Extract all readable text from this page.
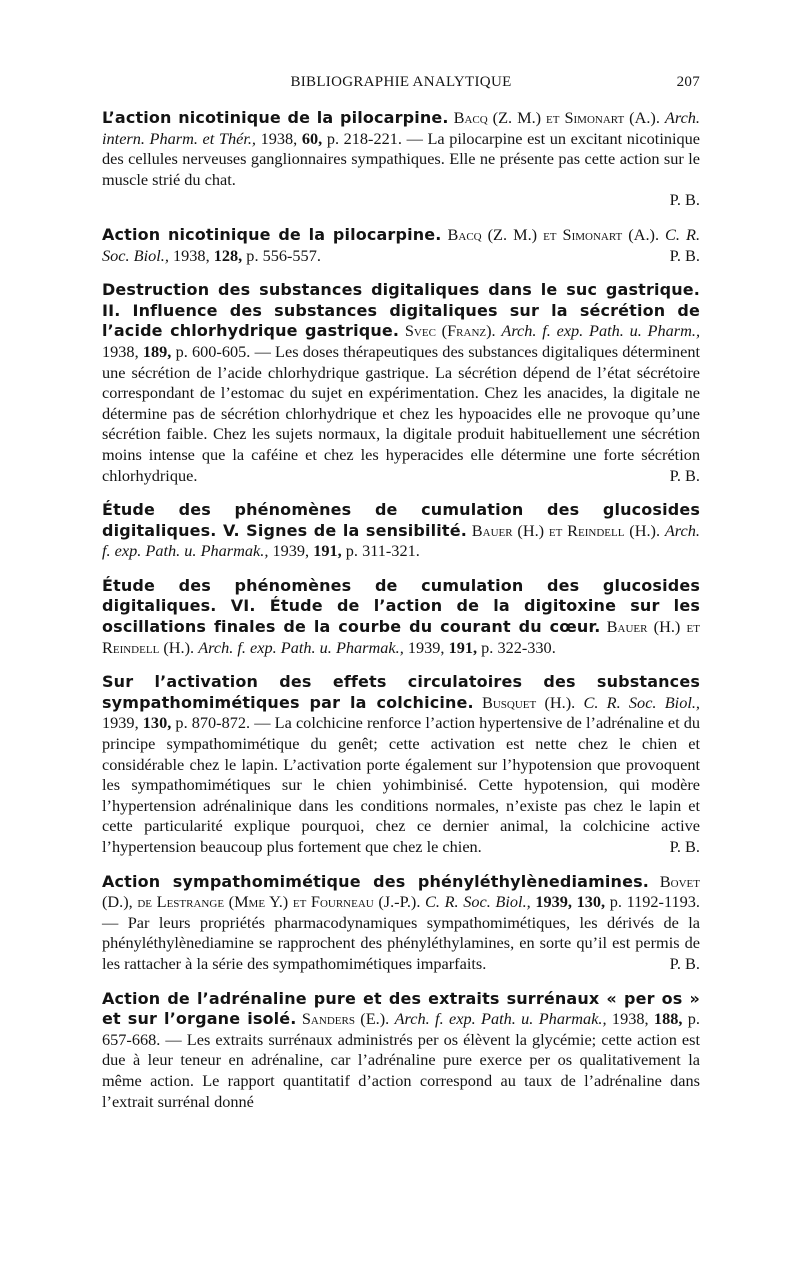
BIBLIOGRAPHIE ANALYTIQUE	207
L’action nicotinique de la pilocarpine. Bacq (Z. M.) et Simonart (A.). Arch. intern. Pharm. et Thér., 1938, 60, p. 218-221. — La pilocarpine est un excitant nicotinique des cellules nerveuses ganglionnaires sympathiques. Elle ne présente pas cette action sur le muscle strié du chat.
P. B.
Action nicotinique de la pilocarpine. Bacq (Z. M.) et Simonart (A.). C. R. Soc. Biol., 1938, 128, p. 556-557.	P. B.
Destruction des substances digitaliques dans le suc gastrique. II. Influence des substances digitaliques sur la sécrétion de l’acide chlorhydrique gastrique. Svec (Franz). Arch. f. exp. Path. u. Pharm., 1938, 189, p. 600-605. — Les doses thérapeutiques des substances digitaliques déterminent une sécrétion de l’acide chlorhydrique gastrique. La sécrétion dépend de l’état sécrétoire correspondant de l’estomac du sujet en expérimentation. Chez les anacides, la digitale ne détermine pas de sécrétion chlorhydrique et chez les hypoacides elle ne provoque qu’une sécrétion faible. Chez les sujets normaux, la digitale produit habituellement une sécrétion moins intense que la caféine et chez les hyperacides elle détermine une forte sécrétion chlorhydrique.	P. B.
Étude des phénomènes de cumulation des glucosides digitaliques. V. Signes de la sensibilité. Bauer (H.) et Reindell (H.). Arch. f. exp. Path. u. Pharmak., 1939, 191, p. 311-321.
Étude des phénomènes de cumulation des glucosides digitaliques. VI. Étude de l’action de la digitoxine sur les oscillations finales de la courbe du courant du cœur. Bauer (H.) et Reindell (H.). Arch. f. exp. Path. u. Pharmak., 1939, 191, p. 322-330.
Sur l’activation des effets circulatoires des substances sympathomimétiques par la colchicine. Busquet (H.). C. R. Soc. Biol., 1939, 130, p. 870-872. — La colchicine renforce l’action hypertensive de l’adrénaline et du principe sympathomimétique du genêt; cette activation est nette chez le chien et considérable chez le lapin. L’activation porte également sur l’hypotension que provoquent les sympathomimétiques sur le chien yohimbinisé. Cette hypotension, qui modère l’hypertension adrénalinique dans les conditions normales, n’existe pas chez le lapin et cette particularité explique pourquoi, chez ce dernier animal, la colchicine active l’hypertension beaucoup plus fortement que chez le chien.	P. B.
Action sympathomimétique des phényléthylènediamines. Bovet (D.), de Lestrange (Mme Y.) et Fourneau (J.-P.). C. R. Soc. Biol., 1939, 130, p. 1192-1193. — Par leurs propriétés pharmacodynamiques sympathomimétiques, les dérivés de la phényléthylènediamine se rapprochent des phényléthylamines, en sorte qu’il est permis de les rattacher à la série des sympathomimétiques imparfaits.	P. B.
Action de l’adrénaline pure et des extraits surrénaux « per os » et sur l’organe isolé. Sanders (E.). Arch. f. exp. Path. u. Pharmak., 1938, 188, p. 657-668. — Les extraits surrénaux administrés per os élèvent la glycémie; cette action est due à leur teneur en adrénaline, car l’adrénaline pure exerce per os qualitativement la même action. Le rapport quantitatif d’action correspond au taux de l’adrénaline dans l’extrait surrénal donné
